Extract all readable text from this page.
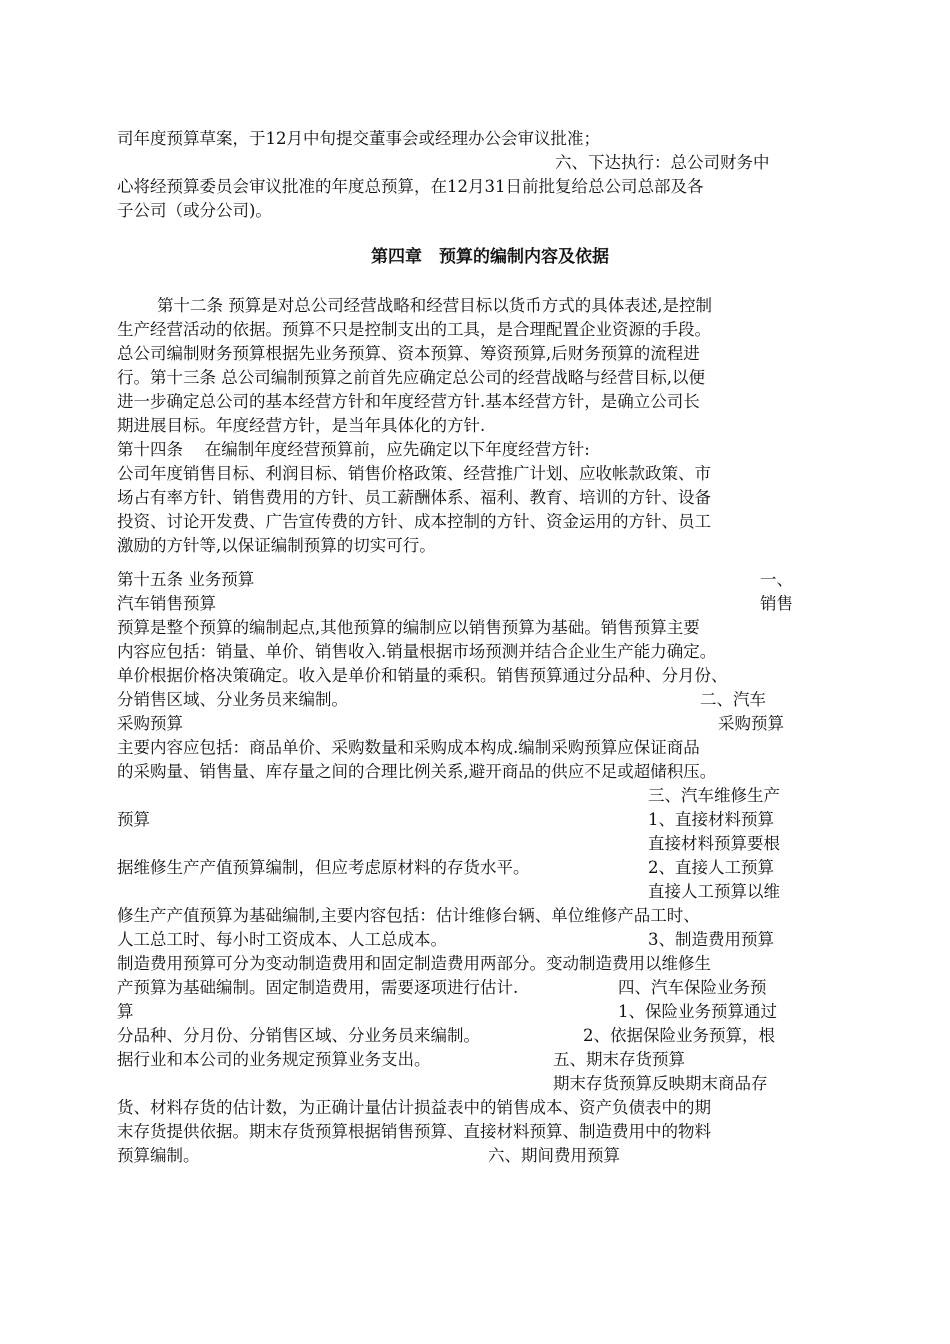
司年度预算草案，于12月中旬提交董事会或经理办公会审议批准；
六、下达执行：总公司财务中
心将经预算委员会审议批准的年度总预算，在12月31日前批复给总公司总部及各
子公司（或分公司)。
第四章　预算的编制内容及依据
第十二条 预算是对总公司经营战略和经营目标以货币方式的具体表述,是控制
生产经营活动的依据。预算不只是控制支出的工具，是合理配置企业资源的手段。
总公司编制财务预算根据先业务预算、资本预算、筹资预算,后财务预算的流程进
行。第十三条 总公司编制预算之前首先应确定总公司的经营战略与经营目标,以便
进一步确定总公司的基本经营方针和年度经营方针.基本经营方针，是确立公司长
期进展目标。年度经营方针，是当年具体化的方针.
第十四条　 在编制年度经营预算前，应先确定以下年度经营方针:
公司年度销售目标、利润目标、销售价格政策、经营推广计划、应收帐款政策、市
场占有率方针、销售费用的方针、员工薪酬体系、福利、教育、培训的方针、设备
投资、讨论开发费、广告宣传费的方针、成本控制的方针、资金运用的方针、员工
激励的方针等,以保证编制预算的切实可行。
第十五条 业务预算	一、
汽车销售预算	销售
预算是整个预算的编制起点,其他预算的编制应以销售预算为基础。销售预算主要
内容应包括：销量、单价、销售收入.销量根据市场预测并结合企业生产能力确定。
单价根据价格决策确定。收入是单价和销量的乘积。销售预算通过分品种、分月份、
分销售区域、分业务员来编制。	二、汽车
采购预算	采购预算
主要内容应包括：商品单价、采购数量和采购成本构成.编制采购预算应保证商品
的采购量、销售量、库存量之间的合理比例关系,避开商品的供应不足或超储积压。
三、汽车维修生产
预算	1、直接材料预算
直接材料预算要根
据维修生产产值预算编制，但应考虑原材料的存货水平。	2、直接人工预算
直接人工预算以维
修生产产值预算为基础编制,主要内容包括：估计维修台辆、单位维修产品工时、
人工总工时、每小时工资成本、人工总成本。	3、制造费用预算
制造费用预算可分为变动制造费用和固定制造费用两部分。变动制造费用以维修生
产预算为基础编制。固定制造费用，需要逐项进行估计.	四、汽车保险业务预
算	1、保险业务预算通过
分品种、分月份、分销售区域、分业务员来编制。	2、依据保险业务预算，根
据行业和本公司的业务规定预算业务支出。	五、期末存货预算
期末存货预算反映期末商品存
货、材料存货的估计数，为正确计量估计损益表中的销售成本、资产负债表中的期
末存货提供依据。期末存货预算根据销售预算、直接材料预算、制造费用中的物料
预算编制。	六、期间费用预算
